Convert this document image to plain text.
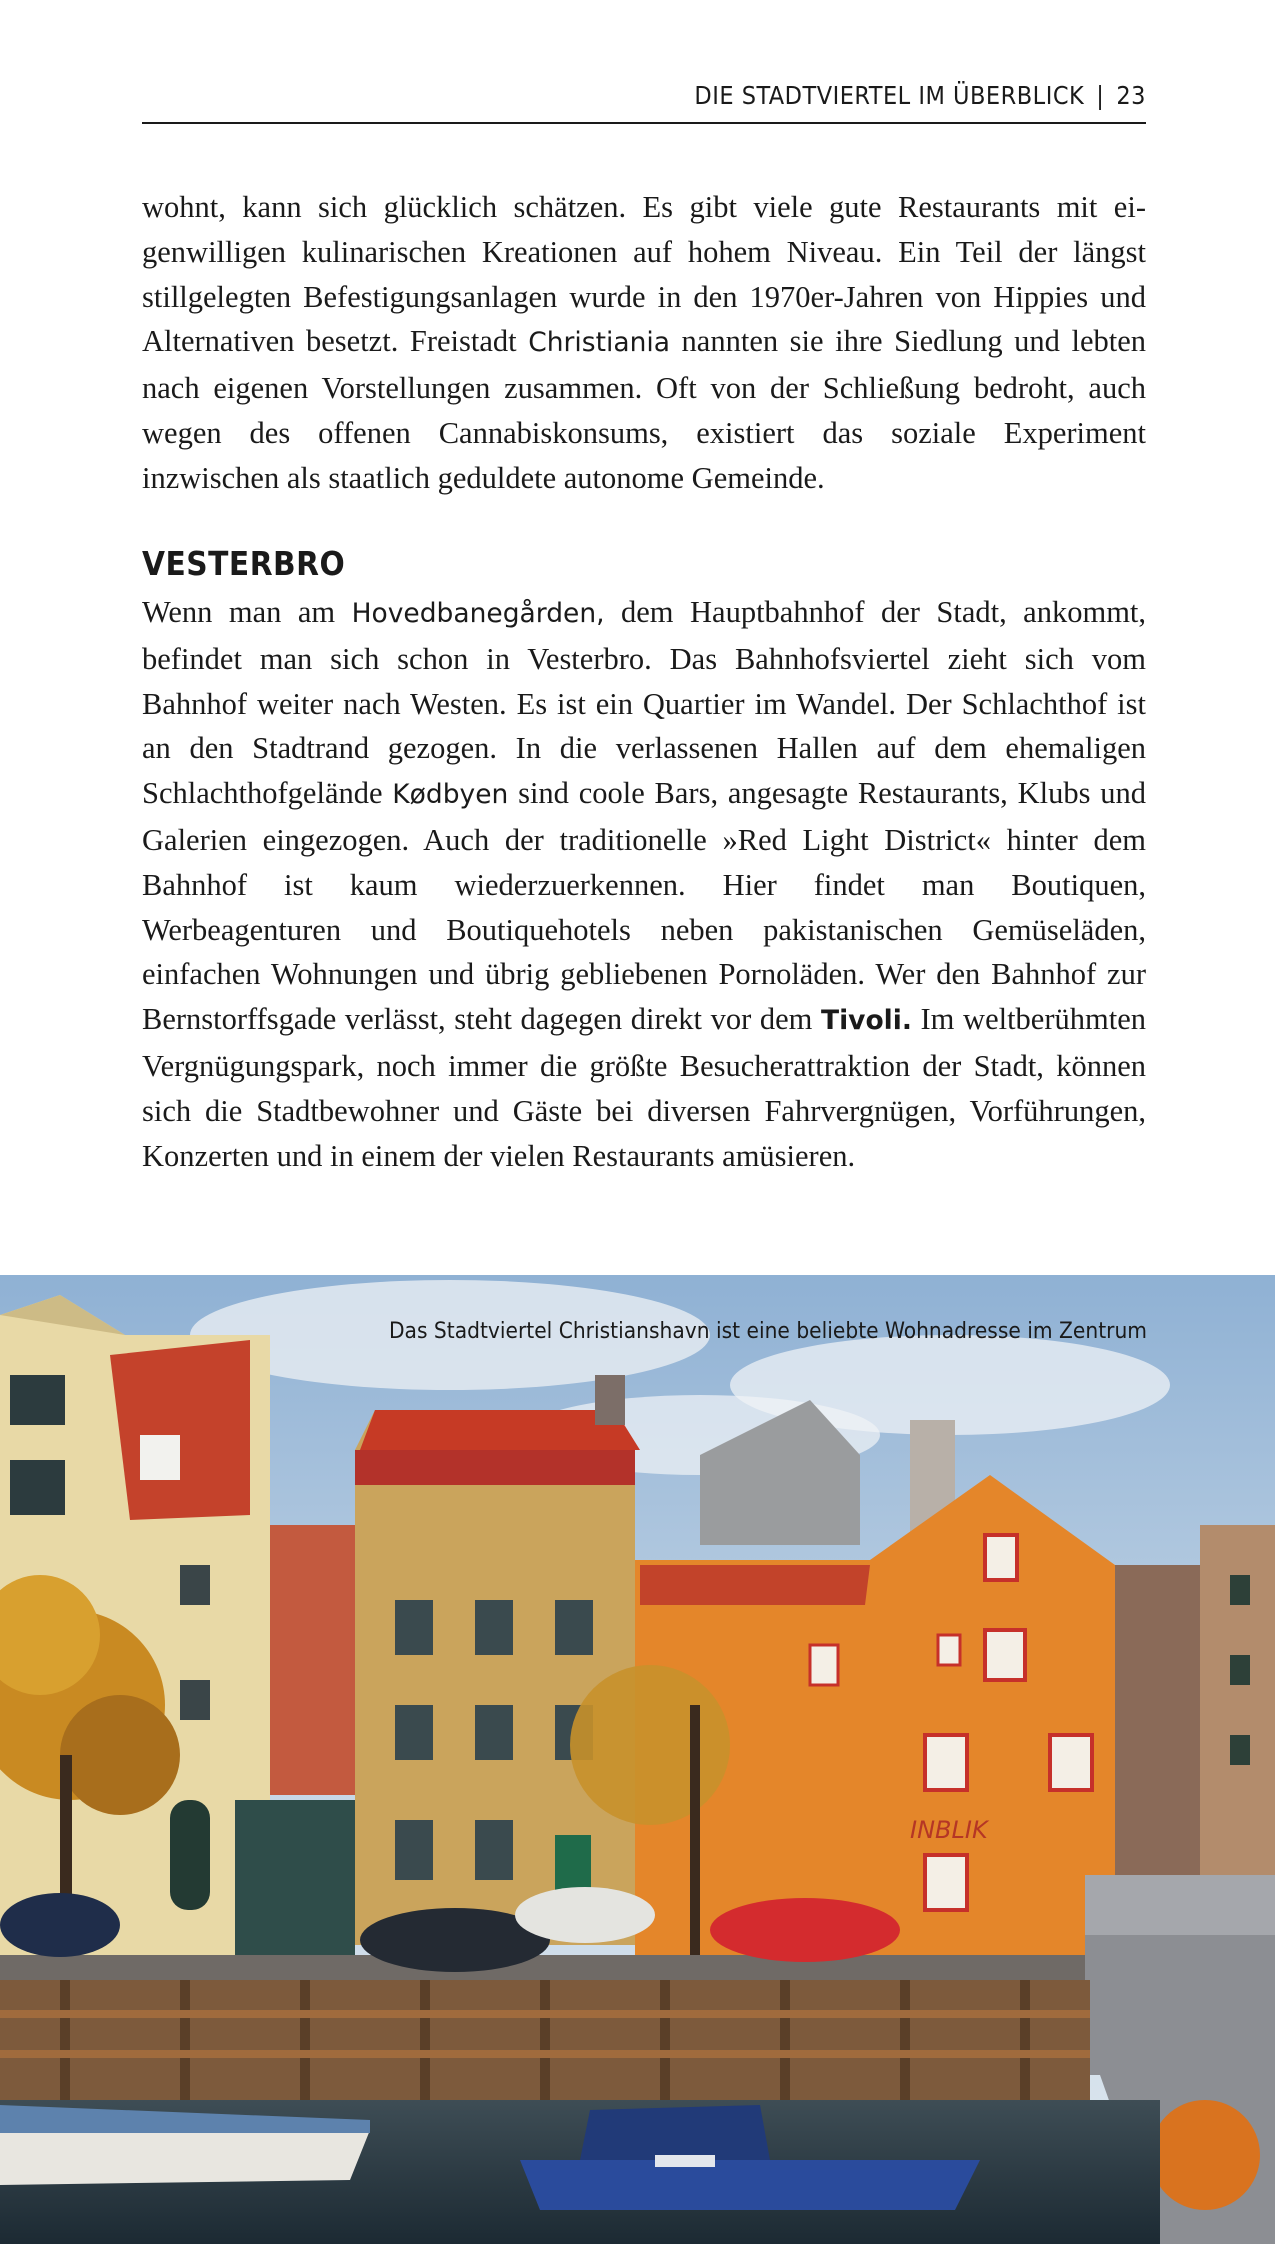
DIE STADTVIERTEL IM ÜBERBLICK | 23

wohnt, kann sich glücklich schätzen. Es gibt viele gute Restaurants mit eigenwilligen kulinarischen Kreationen auf hohem Niveau. Ein Teil der längst stillgelegten Befestigungsanlagen wurde in den 1970er-Jahren von Hippies und Alternativen besetzt. Freistadt Christiania nannten sie ihre Siedlung und lebten nach eigenen Vorstellungen zusammen. Oft von der Schließung bedroht, auch wegen des offenen Cannabiskonsums, existiert das soziale Experiment inzwischen als staatlich geduldete autonome Gemeinde.

VESTERBRO

Wenn man am Hovedbanegården, dem Hauptbahnhof der Stadt, ankommt, befindet man sich schon in Vesterbro. Das Bahnhofsviertel zieht sich vom Bahnhof weiter nach Westen. Es ist ein Quartier im Wandel. Der Schlachthof ist an den Stadtrand gezogen. In die verlassenen Hallen auf dem ehemaligen Schlachthofgelände Kødbyen sind coole Bars, angesagte Restaurants, Klubs und Galerien eingezogen. Auch der traditionelle »Red Light District« hinter dem Bahnhof ist kaum wiederzuerkennen. Hier findet man Boutiquen, Werbeagenturen und Boutiquehotels neben pakistanischen Gemüseläden, einfachen Wohnungen und übrig gebliebenen Pornoläden. Wer den Bahnhof zur Bernstorffsgade verlässt, steht dagegen direkt vor dem Tivoli. Im weltberühmten Vergnügungspark, noch immer die größte Besucherattraktion der Stadt, können sich die Stadtbewohner und Gäste bei diversen Fahrvergnügen, Vorführungen, Konzerten und in einem der vielen Restaurants amüsieren.

INBLIK
Das Stadtviertel Christianshavn ist eine beliebte Wohnadresse im Zentrum
